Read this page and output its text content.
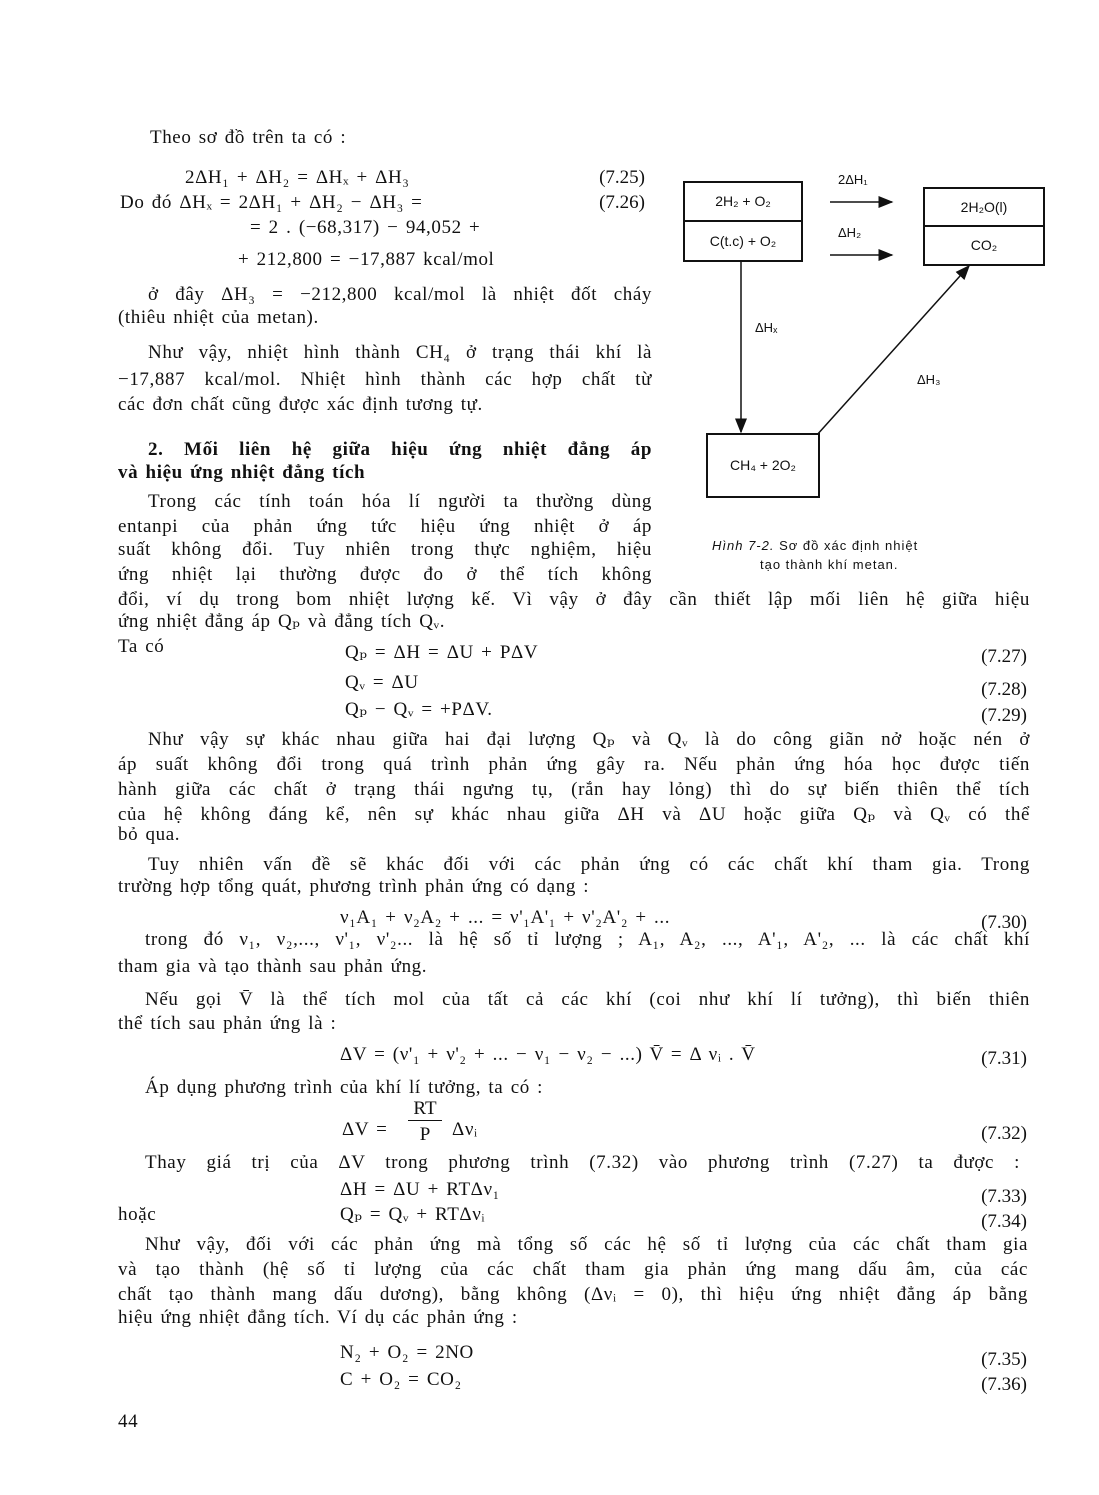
2H₂ + O₂
C(t.c) + O₂
2H₂O(l)
CO₂
CH₄ + 2O₂
2ΔH₁
ΔH₂
ΔHₓ
ΔH₃
Hình 7-2. Sơ đồ xác định nhiệt
tạo thành khí metan.
ΔV =
RT
P	Δνᵢ	(7.32)
44
Theo sơ đồ trên ta có :
ở đây ΔH₃ = −212,800 kcal/mol là nhiệt đốt cháy
(thiêu nhiệt của metan).
Như vậy, nhiệt hình thành CH₄ ở trạng thái khí là
−17,887 kcal/mol. Nhiệt hình thành các hợp chất từ
các đơn chất cũng được xác định tương tự.
2. Mối liên hệ giữa hiệu ứng nhiệt đẳng áp
và hiệu ứng nhiệt đẳng tích
Trong các tính toán hóa lí người ta thường dùng
entanpi của phản ứng tức hiệu ứng nhiệt ở áp
suất không đổi. Tuy nhiên trong thực nghiệm, hiệu
ứng nhiệt lại thường được đo ở thể tích không
đổi, ví dụ trong bom nhiệt lượng kế. Vì vậy ở đây cần thiết lập mối liên hệ giữa hiệu
ứng nhiệt đẳng áp Qₚ và đẳng tích Qᵥ.
Ta có
Như vậy sự khác nhau giữa hai đại lượng Qₚ và Qᵥ là do công giãn nở hoặc nén ở
áp suất không đổi trong quá trình phản ứng gây ra. Nếu phản ứng hóa học được tiến
hành giữa các chất ở trạng thái ngưng tụ, (rắn hay lỏng) thì do sự biến thiên thể tích
của hệ không đáng kể, nên sự khác nhau giữa ΔH và ΔU hoặc giữa Qₚ và Qᵥ có thể
bỏ qua.
Tuy nhiên vấn đề sẽ khác đối với các phản ứng có các chất khí tham gia. Trong
trường hợp tổng quát, phương trình phản ứng có dạng :
trong đó ν₁, ν₂,..., ν'₁, ν'₂... là hệ số tỉ lượng ; A₁, A₂, ..., A'₁, A'₂, ... là các chất khí
tham gia và tạo thành sau phản ứng.
Nếu gọi V̄ là thể tích mol của tất cả các khí (coi như khí lí tưởng), thì biến thiên
thể tích sau phản ứng là :
Áp dụng phương trình của khí lí tưởng, ta có :
Thay giá trị của ΔV trong phương trình (7.32) vào phương trình (7.27) ta được :
hoặc
Như vậy, đối với các phản ứng mà tổng số các hệ số tỉ lượng của các chất tham gia
và tạo thành (hệ số tỉ lượng của các chất tham gia phản ứng mang dấu âm, của các
chất tạo thành mang dấu dương), bằng không (Δνᵢ = 0), thì hiệu ứng nhiệt đẳng áp bằng
hiệu ứng nhiệt đẳng tích. Ví dụ các phản ứng :
2ΔH₁ + ΔH₂ = ΔHₓ + ΔH₃	(7.25)
Do đó ΔHₓ = 2ΔH₁ + ΔH₂ − ΔH₃ =	(7.26)
= 2 . (−68,317) − 94,052 +
+ 212,800 = −17,887 kcal/mol
Qₚ = ΔH = ΔU + PΔV	(7.27)
Qᵥ = ΔU	(7.28)
Qₚ − Qᵥ = +PΔV.	(7.29)
ν₁A₁ + ν₂A₂ + ... = ν'₁A'₁ + ν'₂A'₂ + ...	(7.30)
ΔV = (ν'₁ + ν'₂ + ... − ν₁ − ν₂ − ...) V̄ = Δ νᵢ . V̄	(7.31)
ΔH = ΔU + RTΔν₁	(7.33)
Qₚ = Qᵥ + RTΔνᵢ	(7.34)
N₂ + O₂ = 2NO	(7.35)
C + O₂ = CO₂	(7.36)
